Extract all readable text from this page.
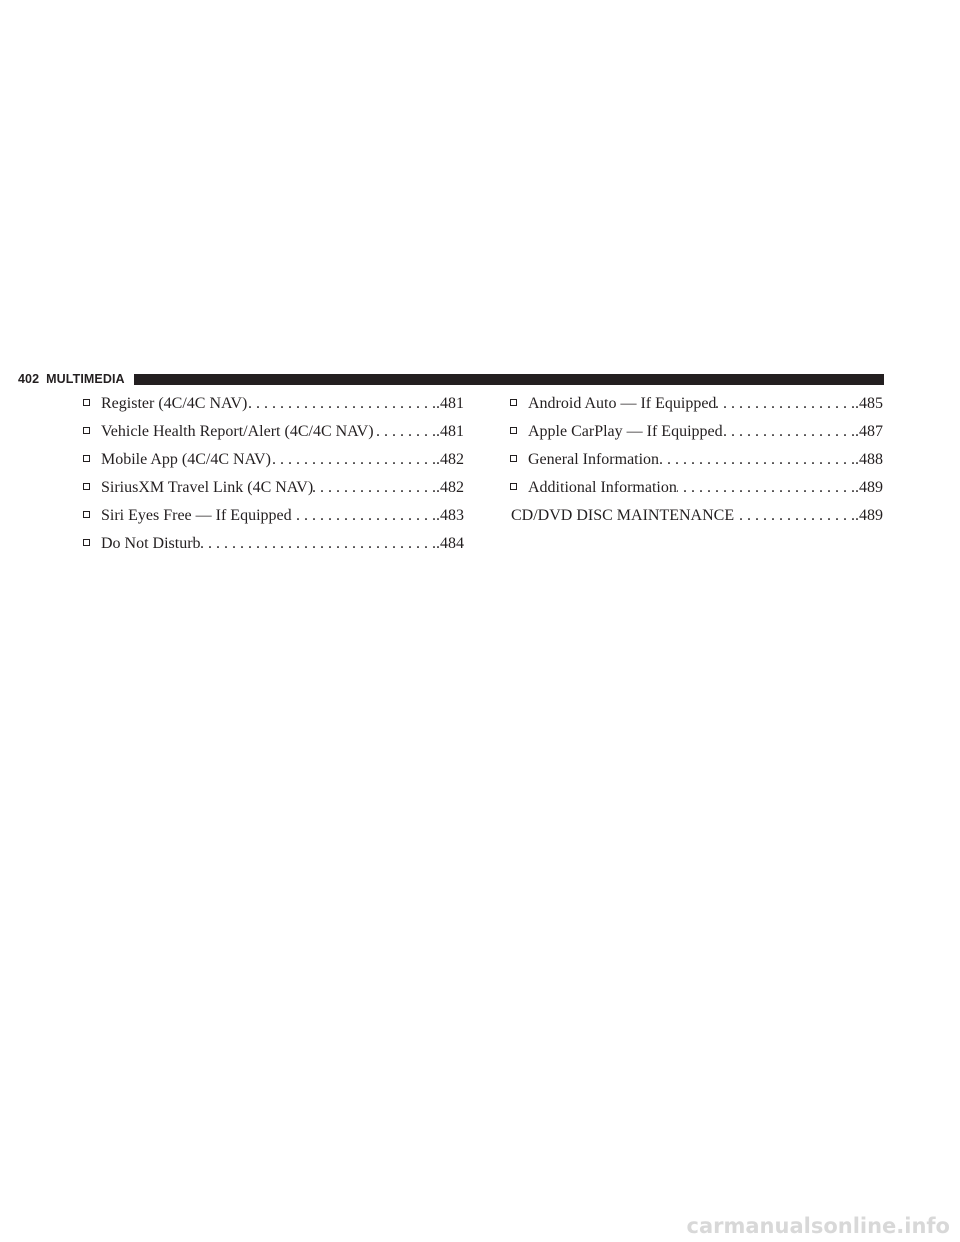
402 MULTIMEDIA
Register (4C/4C NAV) . . .	.481
Vehicle Health Report/Alert (4C/4C NAV) . . .	.481
Mobile App (4C/4C NAV) . . .	.482
SiriusXM Travel Link (4C NAV) . . .	.482
Siri Eyes Free — If Equipped . . .	.483
Do Not Disturb . . .	.484
Android Auto — If Equipped . . .	.485
Apple CarPlay — If Equipped . . .	.487
General Information . . .	.488
Additional Information . . .	.489
CD/DVD DISC MAINTENANCE . . .	.489
carmanualsonline.info
